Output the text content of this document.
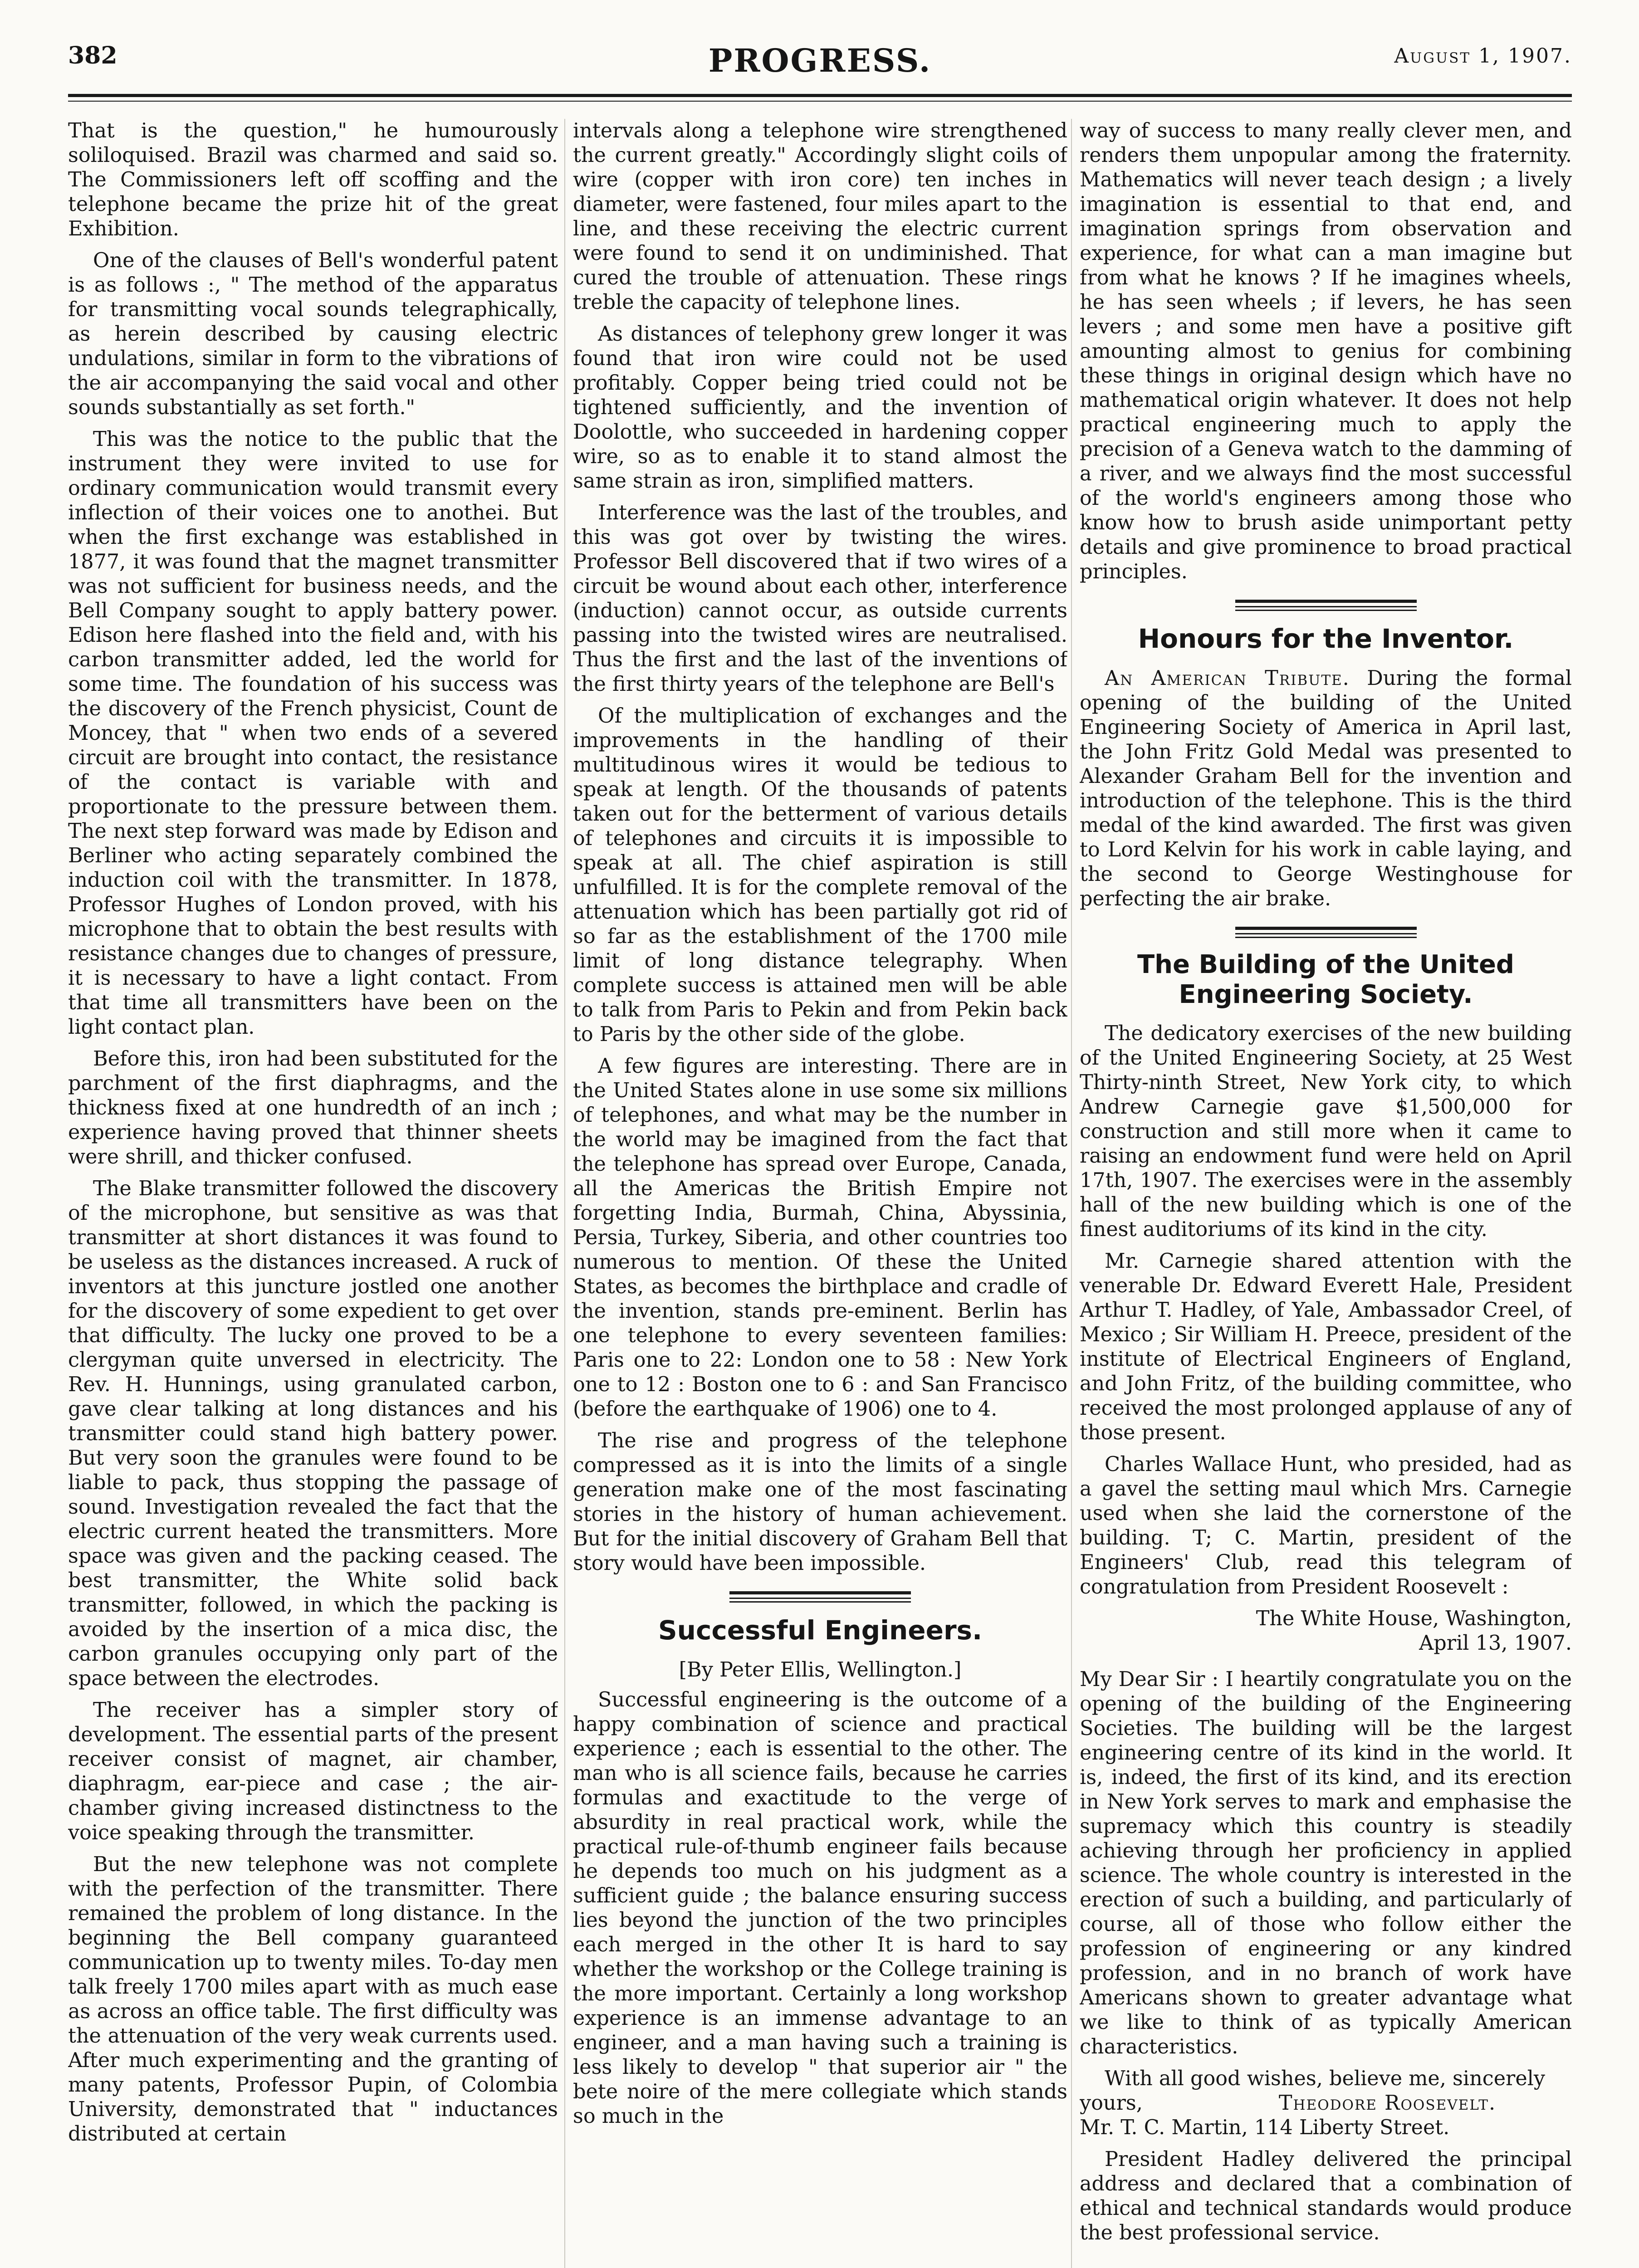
382	PROGRESS.	August 1, 1907.

That is the question," he humourously soliloquised. Brazil was charmed and said so. The Commissioners left off scoffing and the telephone became the prize hit of the great Exhibition.

One of the clauses of Bell's wonderful patent is as follows :, " The method of the apparatus for transmitting vocal sounds telegraphically, as herein described by causing electric undulations, similar in form to the vibrations of the air accompanying the said vocal and other sounds substantially as set forth."

This was the notice to the public that the instrument they were invited to use for ordinary communication would transmit every inflection of their voices one to anothei. But when the first exchange was established in 1877, it was found that the magnet transmitter was not sufficient for business needs, and the Bell Company sought to apply battery power. Edison here flashed into the field and, with his carbon transmitter added, led the world for some time. The foundation of his success was the discovery of the French physicist, Count de Moncey, that " when two ends of a severed circuit are brought into contact, the resistance of the contact is variable with and proportionate to the pressure between them. The next step forward was made by Edison and Berliner who acting separately combined the induction coil with the transmitter. In 1878, Professor Hughes of London proved, with his microphone that to obtain the best results with resistance changes due to changes of pressure, it is necessary to have a light contact. From that time all transmitters have been on the light contact plan.

Before this, iron had been substituted for the parchment of the first diaphragms, and the thickness fixed at one hundredth of an inch ; experience having proved that thinner sheets were shrill, and thicker confused.

The Blake transmitter followed the discovery of the microphone, but sensitive as was that transmitter at short distances it was found to be useless as the distances increased. A ruck of inventors at this juncture jostled one another for the discovery of some expedient to get over that difficulty. The lucky one proved to be a clergyman quite unversed in electricity. The Rev. H. Hunnings, using granulated carbon, gave clear talking at long distances and his transmitter could stand high battery power. But very soon the granules were found to be liable to pack, thus stopping the passage of sound. Investigation revealed the fact that the electric current heated the transmitters. More space was given and the packing ceased. The best transmitter, the White solid back transmitter, followed, in which the packing is avoided by the insertion of a mica disc, the carbon granules occupying only part of the space between the electrodes.

The receiver has a simpler story of development. The essential parts of the present receiver consist of magnet, air chamber, diaphragm, ear-piece and case ; the air-chamber giving increased distinctness to the voice speaking through the transmitter.

But the new telephone was not complete with the perfection of the transmitter. There remained the problem of long distance. In the beginning the Bell company guaranteed communication up to twenty miles. To-day men talk freely 1700 miles apart with as much ease as across an office table. The first difficulty was the attenuation of the very weak currents used. After much experimenting and the granting of many patents, Professor Pupin, of Colombia University, demonstrated that " inductances distributed at certain

intervals along a telephone wire strengthened the current greatly." Accordingly slight coils of wire (copper with iron core) ten inches in diameter, were fastened, four miles apart to the line, and these receiving the electric current were found to send it on undiminished. That cured the trouble of attenuation. These rings treble the capacity of telephone lines.

As distances of telephony grew longer it was found that iron wire could not be used profitably. Copper being tried could not be tightened sufficiently, and the invention of Doolottle, who succeeded in hardening copper wire, so as to enable it to stand almost the same strain as iron, simplified matters.

Interference was the last of the troubles, and this was got over by twisting the wires. Professor Bell discovered that if two wires of a circuit be wound about each other, interference (induction) cannot occur, as outside currents passing into the twisted wires are neutralised. Thus the first and the last of the inventions of the first thirty years of the telephone are Bell's

Of the multiplication of exchanges and the improvements in the handling of their multitudinous wires it would be tedious to speak at length. Of the thousands of patents taken out for the betterment of various details of telephones and circuits it is impossible to speak at all. The chief aspiration is still unfulfilled. It is for the complete removal of the attenuation which has been partially got rid of so far as the establishment of the 1700 mile limit of long distance telegraphy. When complete success is attained men will be able to talk from Paris to Pekin and from Pekin back to Paris by the other side of the globe.

A few figures are interesting. There are in the United States alone in use some six millions of telephones, and what may be the number in the world may be imagined from the fact that the telephone has spread over Europe, Canada, all the Americas the British Empire not forgetting India, Burmah, China, Abyssinia, Persia, Turkey, Siberia, and other countries too numerous to mention. Of these the United States, as becomes the birthplace and cradle of the invention, stands pre-eminent. Berlin has one telephone to every seventeen families: Paris one to 22: London one to 58 : New York one to 12 : Boston one to 6 : and San Francisco (before the earthquake of 1906) one to 4.

The rise and progress of the telephone compressed as it is into the limits of a single generation make one of the most fascinating stories in the history of human achievement. But for the initial discovery of Graham Bell that story would have been impossible.

Successful Engineers.

[By Peter Ellis, Wellington.]

Successful engineering is the outcome of a happy combination of science and practical experience ; each is essential to the other. The man who is all science fails, because he carries formulas and exactitude to the verge of absurdity in real practical work, while the practical rule-of-thumb engineer fails because he depends too much on his judgment as a sufficient guide ; the balance ensuring success lies beyond the junction of the two principles each merged in the other It is hard to say whether the workshop or the College training is the more important. Certainly a long workshop experience is an immense advantage to an engineer, and a man having such a training is less likely to develop " that superior air " the bete noire of the mere collegiate which stands so much in the

way of success to many really clever men, and renders them unpopular among the fraternity. Mathematics will never teach design ; a lively imagination is essential to that end, and imagination springs from observation and experience, for what can a man imagine but from what he knows ? If he imagines wheels, he has seen wheels ; if levers, he has seen levers ; and some men have a positive gift amounting almost to genius for combining these things in original design which have no mathematical origin whatever. It does not help practical engineering much to apply the precision of a Geneva watch to the damming of a river, and we always find the most successful of the world's engineers among those who know how to brush aside unimportant petty details and give prominence to broad practical principles.

Honours for the Inventor.

An American Tribute. During the formal opening of the building of the United Engineering Society of America in April last, the John Fritz Gold Medal was presented to Alexander Graham Bell for the invention and introduction of the telephone. This is the third medal of the kind awarded. The first was given to Lord Kelvin for his work in cable laying, and the second to George Westinghouse for perfecting the air brake.

The Building of the United Engineering Society.

The dedicatory exercises of the new building of the United Engineering Society, at 25 West Thirty-ninth Street, New York city, to which Andrew Carnegie gave $1,500,000 for construction and still more when it came to raising an endowment fund were held on April 17th, 1907. The exercises were in the assembly hall of the new building which is one of the finest auditoriums of its kind in the city.

Mr. Carnegie shared attention with the venerable Dr. Edward Everett Hale, President Arthur T. Hadley, of Yale, Ambassador Creel, of Mexico ; Sir William H. Preece, president of the institute of Electrical Engineers of England, and John Fritz, of the building committee, who received the most prolonged applause of any of those present.

Charles Wallace Hunt, who presided, had as a gavel the setting maul which Mrs. Carnegie used when she laid the cornerstone of the building. T; C. Martin, president of the Engineers' Club, read this telegram of congratulation from President Roosevelt :

The White House, Washington,

April 13, 1907.

My Dear Sir : I heartily congratulate you on the opening of the building of the Engineering Societies. The building will be the largest engineering centre of its kind in the world. It is, indeed, the first of its kind, and its erection in New York serves to mark and emphasise the supremacy which this country is steadily achieving through her proficiency in applied science. The whole country is interested in the erection of such a building, and particularly of course, all of those who follow either the profession of engineering or any kindred profession, and in no branch of work have Americans shown to greater advantage what we like to think of as typically American characteristics.

With all good wishes, believe me, sincerely

yours,	Theodore Roosevelt.

Mr. T. C. Martin, 114 Liberty Street.

President Hadley delivered the principal address and declared that a combination of ethical and technical standards would produce the best professional service.
